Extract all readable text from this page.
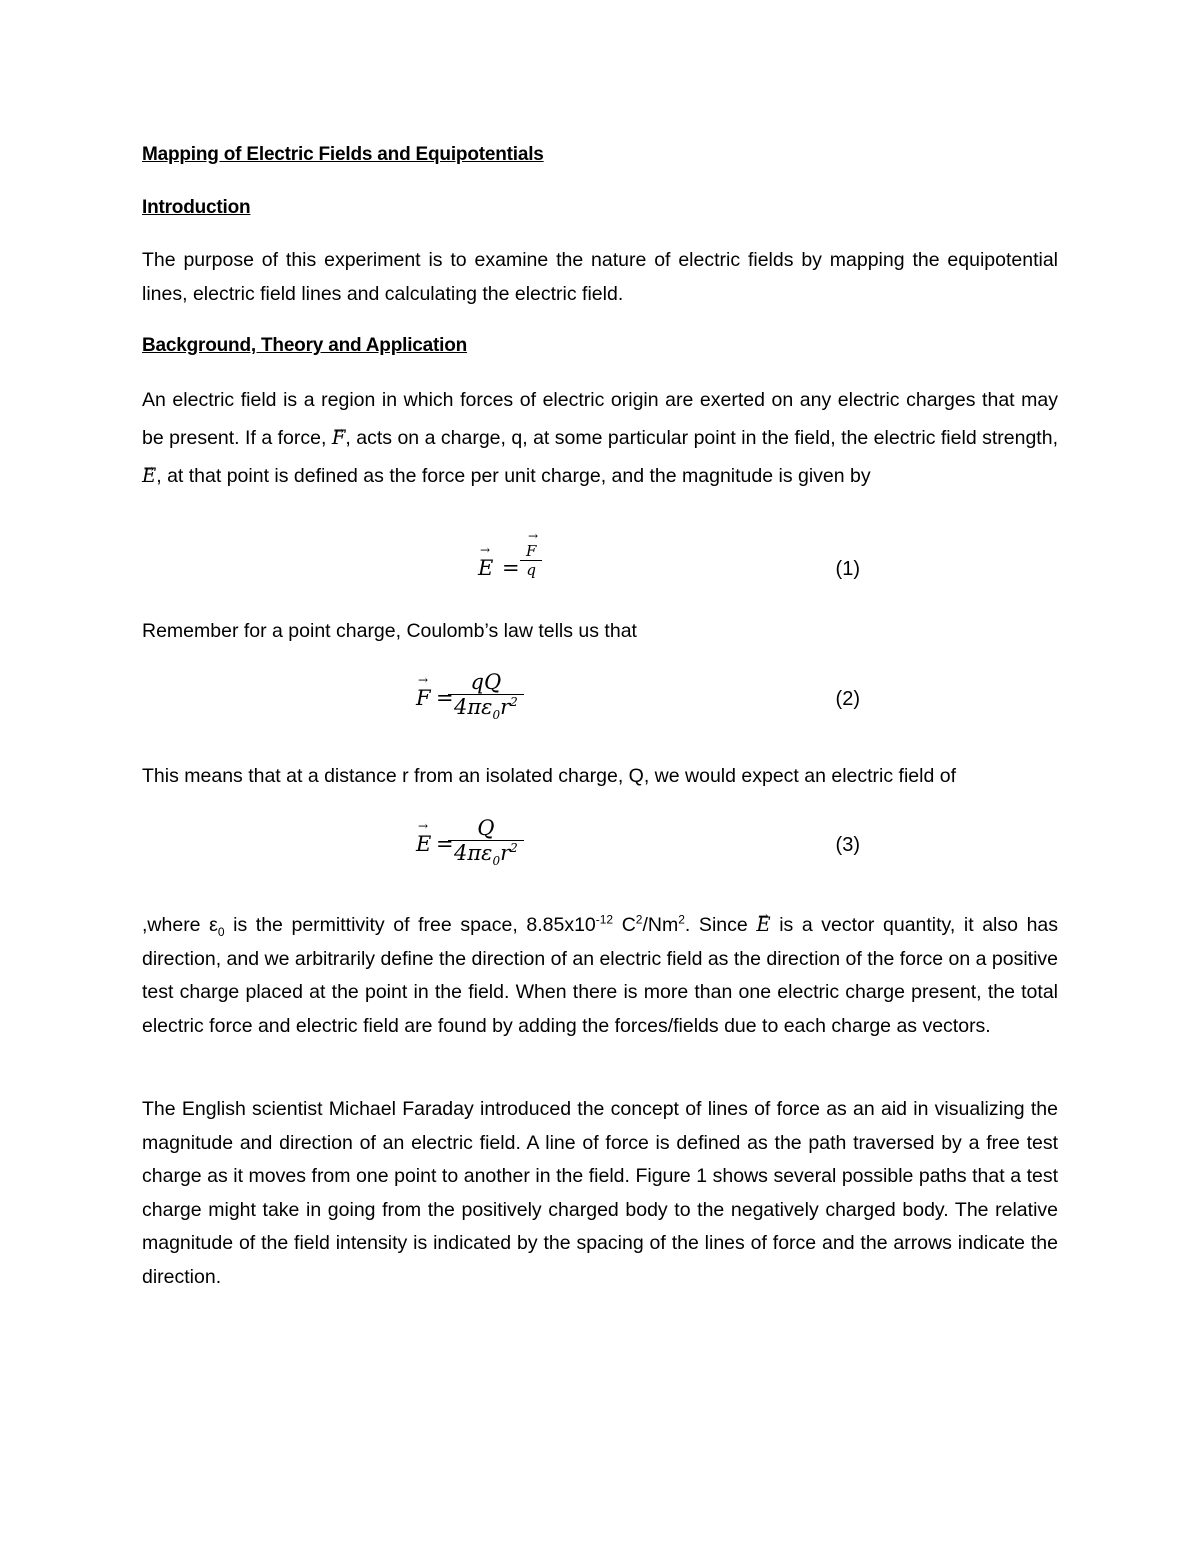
Mapping of Electric Fields and Equipotentials
Introduction
The purpose of this experiment is to examine the nature of electric fields by mapping the equipotential lines, electric field lines and calculating the electric field.
Background, Theory and Application
An electric field is a region in which forces of electric origin are exerted on any electric charges that may be present. If a force, → F, acts on a charge, q, at some particular point in the field, the electric field strength, → E, at that point is defined as the force per unit charge, and the magnitude is given by
→ E = → $\frac{F}{q}$	(1)
Remember for a point charge, Coulomb’s law tells us that
→ F =
$\frac{qQ}{4\pi\varepsilon_0r^2}$	(2)
This means that at a distance r from an isolated charge, Q, we would expect an electric field of
→ E =
$\frac{Q}{4\pi\varepsilon_0r^2}$	(3)
,where $\varepsilon_0$ is the permittivity of free space, $8.85x10^{-12}$ $C^2/Nm^2$. Since → E is a vector quantity, it also has direction, and we arbitrarily define the direction of an electric field as the direction of the force on a positive test charge placed at the point in the field. When there is more than one electric charge present, the total electric force and electric field are found by adding the forces/fields due to each charge as vectors.
The English scientist Michael Faraday introduced the concept of lines of force as an aid in visualizing the magnitude and direction of an electric field. A line of force is defined as the path traversed by a free test charge as it moves from one point to another in the field. Figure 1 shows several possible paths that a test charge might take in going from the positively charged body to the negatively charged body. The relative magnitude of the field intensity is indicated by the spacing of the lines of force and the arrows indicate the direction.
